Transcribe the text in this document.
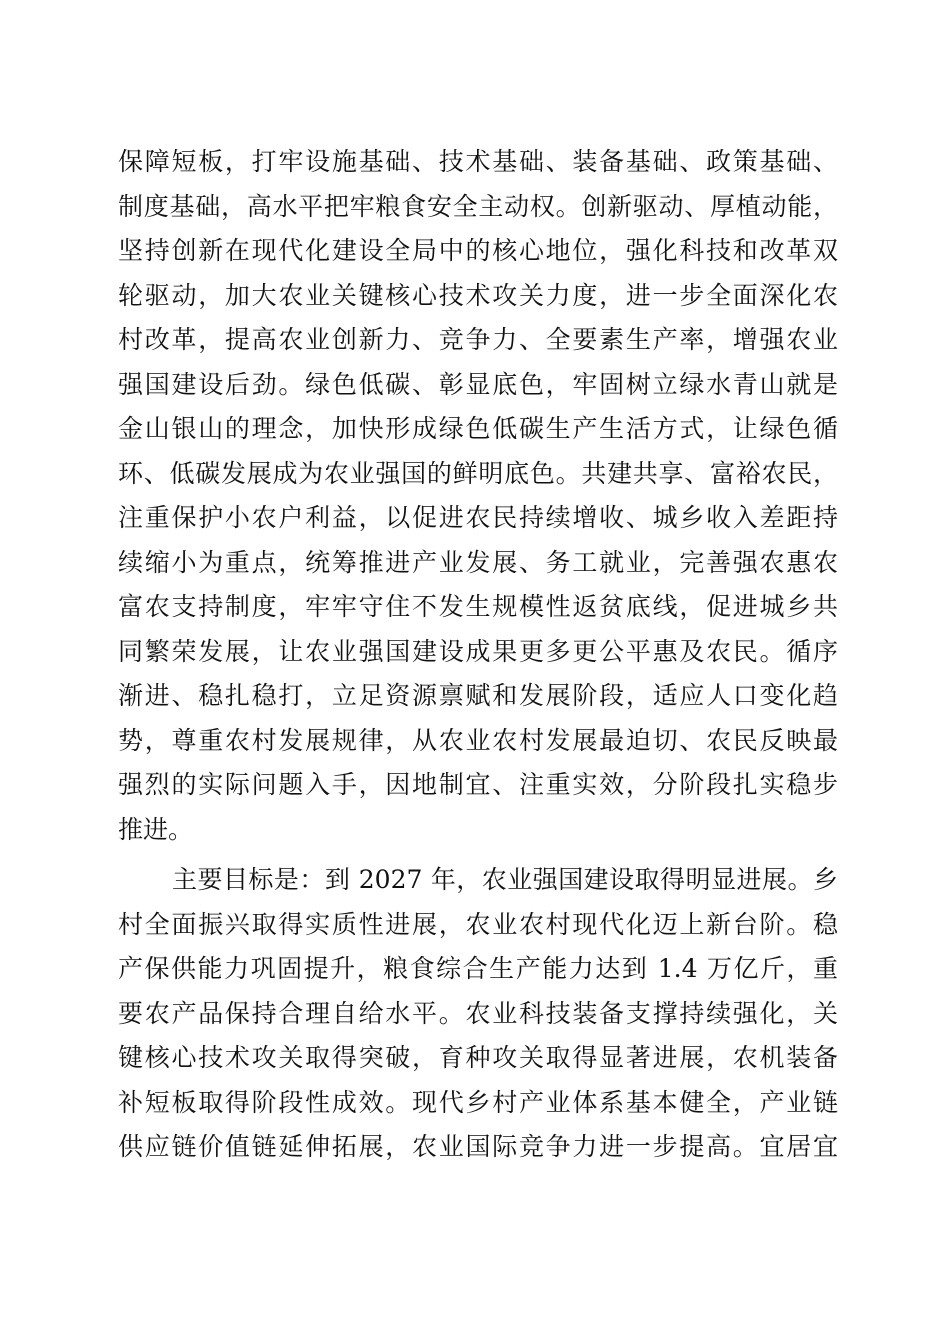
保障短板，打牢设施基础、技术基础、装备基础、政策基础、
制度基础，高水平把牢粮食安全主动权。创新驱动、厚植动能，
坚持创新在现代化建设全局中的核心地位，强化科技和改革双
轮驱动，加大农业关键核心技术攻关力度，进一步全面深化农
村改革，提高农业创新力、竞争力、全要素生产率，增强农业
强国建设后劲。绿色低碳、彰显底色，牢固树立绿水青山就是
金山银山的理念，加快形成绿色低碳生产生活方式，让绿色循
环、低碳发展成为农业强国的鲜明底色。共建共享、富裕农民，
注重保护小农户利益，以促进农民持续增收、城乡收入差距持
续缩小为重点，统筹推进产业发展、务工就业，完善强农惠农
富农支持制度，牢牢守住不发生规模性返贫底线，促进城乡共
同繁荣发展，让农业强国建设成果更多更公平惠及农民。循序
渐进、稳扎稳打，立足资源禀赋和发展阶段，适应人口变化趋
势，尊重农村发展规律，从农业农村发展最迫切、农民反映最
强烈的实际问题入手，因地制宜、注重实效，分阶段扎实稳步
推进。
主要目标是：到 2027 年，农业强国建设取得明显进展。乡
村全面振兴取得实质性进展，农业农村现代化迈上新台阶。稳
产保供能力巩固提升，粮食综合生产能力达到 1.4 万亿斤，重
要农产品保持合理自给水平。农业科技装备支撑持续强化，关
键核心技术攻关取得突破，育种攻关取得显著进展，农机装备
补短板取得阶段性成效。现代乡村产业体系基本健全，产业链
供应链价值链延伸拓展，农业国际竞争力进一步提高。宜居宜
